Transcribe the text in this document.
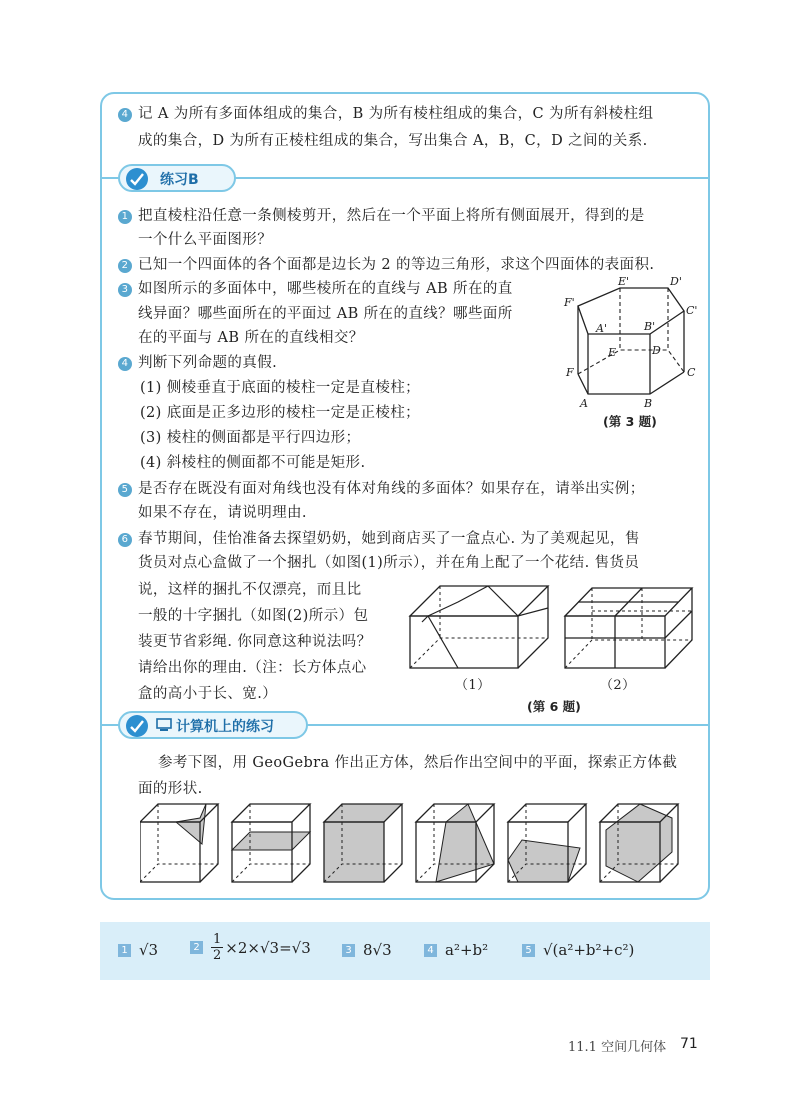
4 记 A 为所有多面体组成的集合，B 为所有棱柱组成的集合，C 为所有斜棱柱组
成的集合，D 为所有正棱柱组成的集合，写出集合 A，B，C，D 之间的关系.
练习B
1 把直棱柱沿任意一条侧棱剪开，然后在一个平面上将所有侧面展开，得到的是
一个什么平面图形？
2 已知一个四面体的各个面都是边长为 2 的等边三角形，求这个四面体的表面积.
3 如图所示的多面体中，哪些棱所在的直线与 AB 所在的直
线异面？哪些面所在的平面过 AB 所在的直线？哪些面所
在的平面与 AB 所在的直线相交？
4 判断下列命题的真假.
(1) 侧棱垂直于底面的棱柱一定是直棱柱；
(2) 底面是正多边形的棱柱一定是正棱柱；
(3) 棱柱的侧面都是平行四边形；
(4) 斜棱柱的侧面都不可能是矩形.
E'	D'
F'
C'
A'	B'
E	D
F	C
A	B
(第 3 题)
5 是否存在既没有面对角线也没有体对角线的多面体？如果存在，请举出实例；
如果不存在，请说明理由.
6 春节期间，佳怡准备去探望奶奶，她到商店买了一盒点心. 为了美观起见，售
货员对点心盒做了一个捆扎（如图(1)所示），并在角上配了一个花结. 售货员
说，这样的捆扎不仅漂亮，而且比
一般的十字捆扎（如图(2)所示）包
装更节省彩绳. 你同意这种说法吗？
请给出你的理由.（注：长方体点心
盒的高小于长、宽.）
（1）	（2）
(第 6 题)
计算机上的练习
参考下图，用 GeoGebra 作出正方体，然后作出空间中的平面，探索正方体截
面的形状.
1 √3	$2 \frac{1}{2} \times 2\times√3=√3$	3 8√3	4 a²+b²	5 √(a²+b²+c²)
11.1 空间几何体 71
